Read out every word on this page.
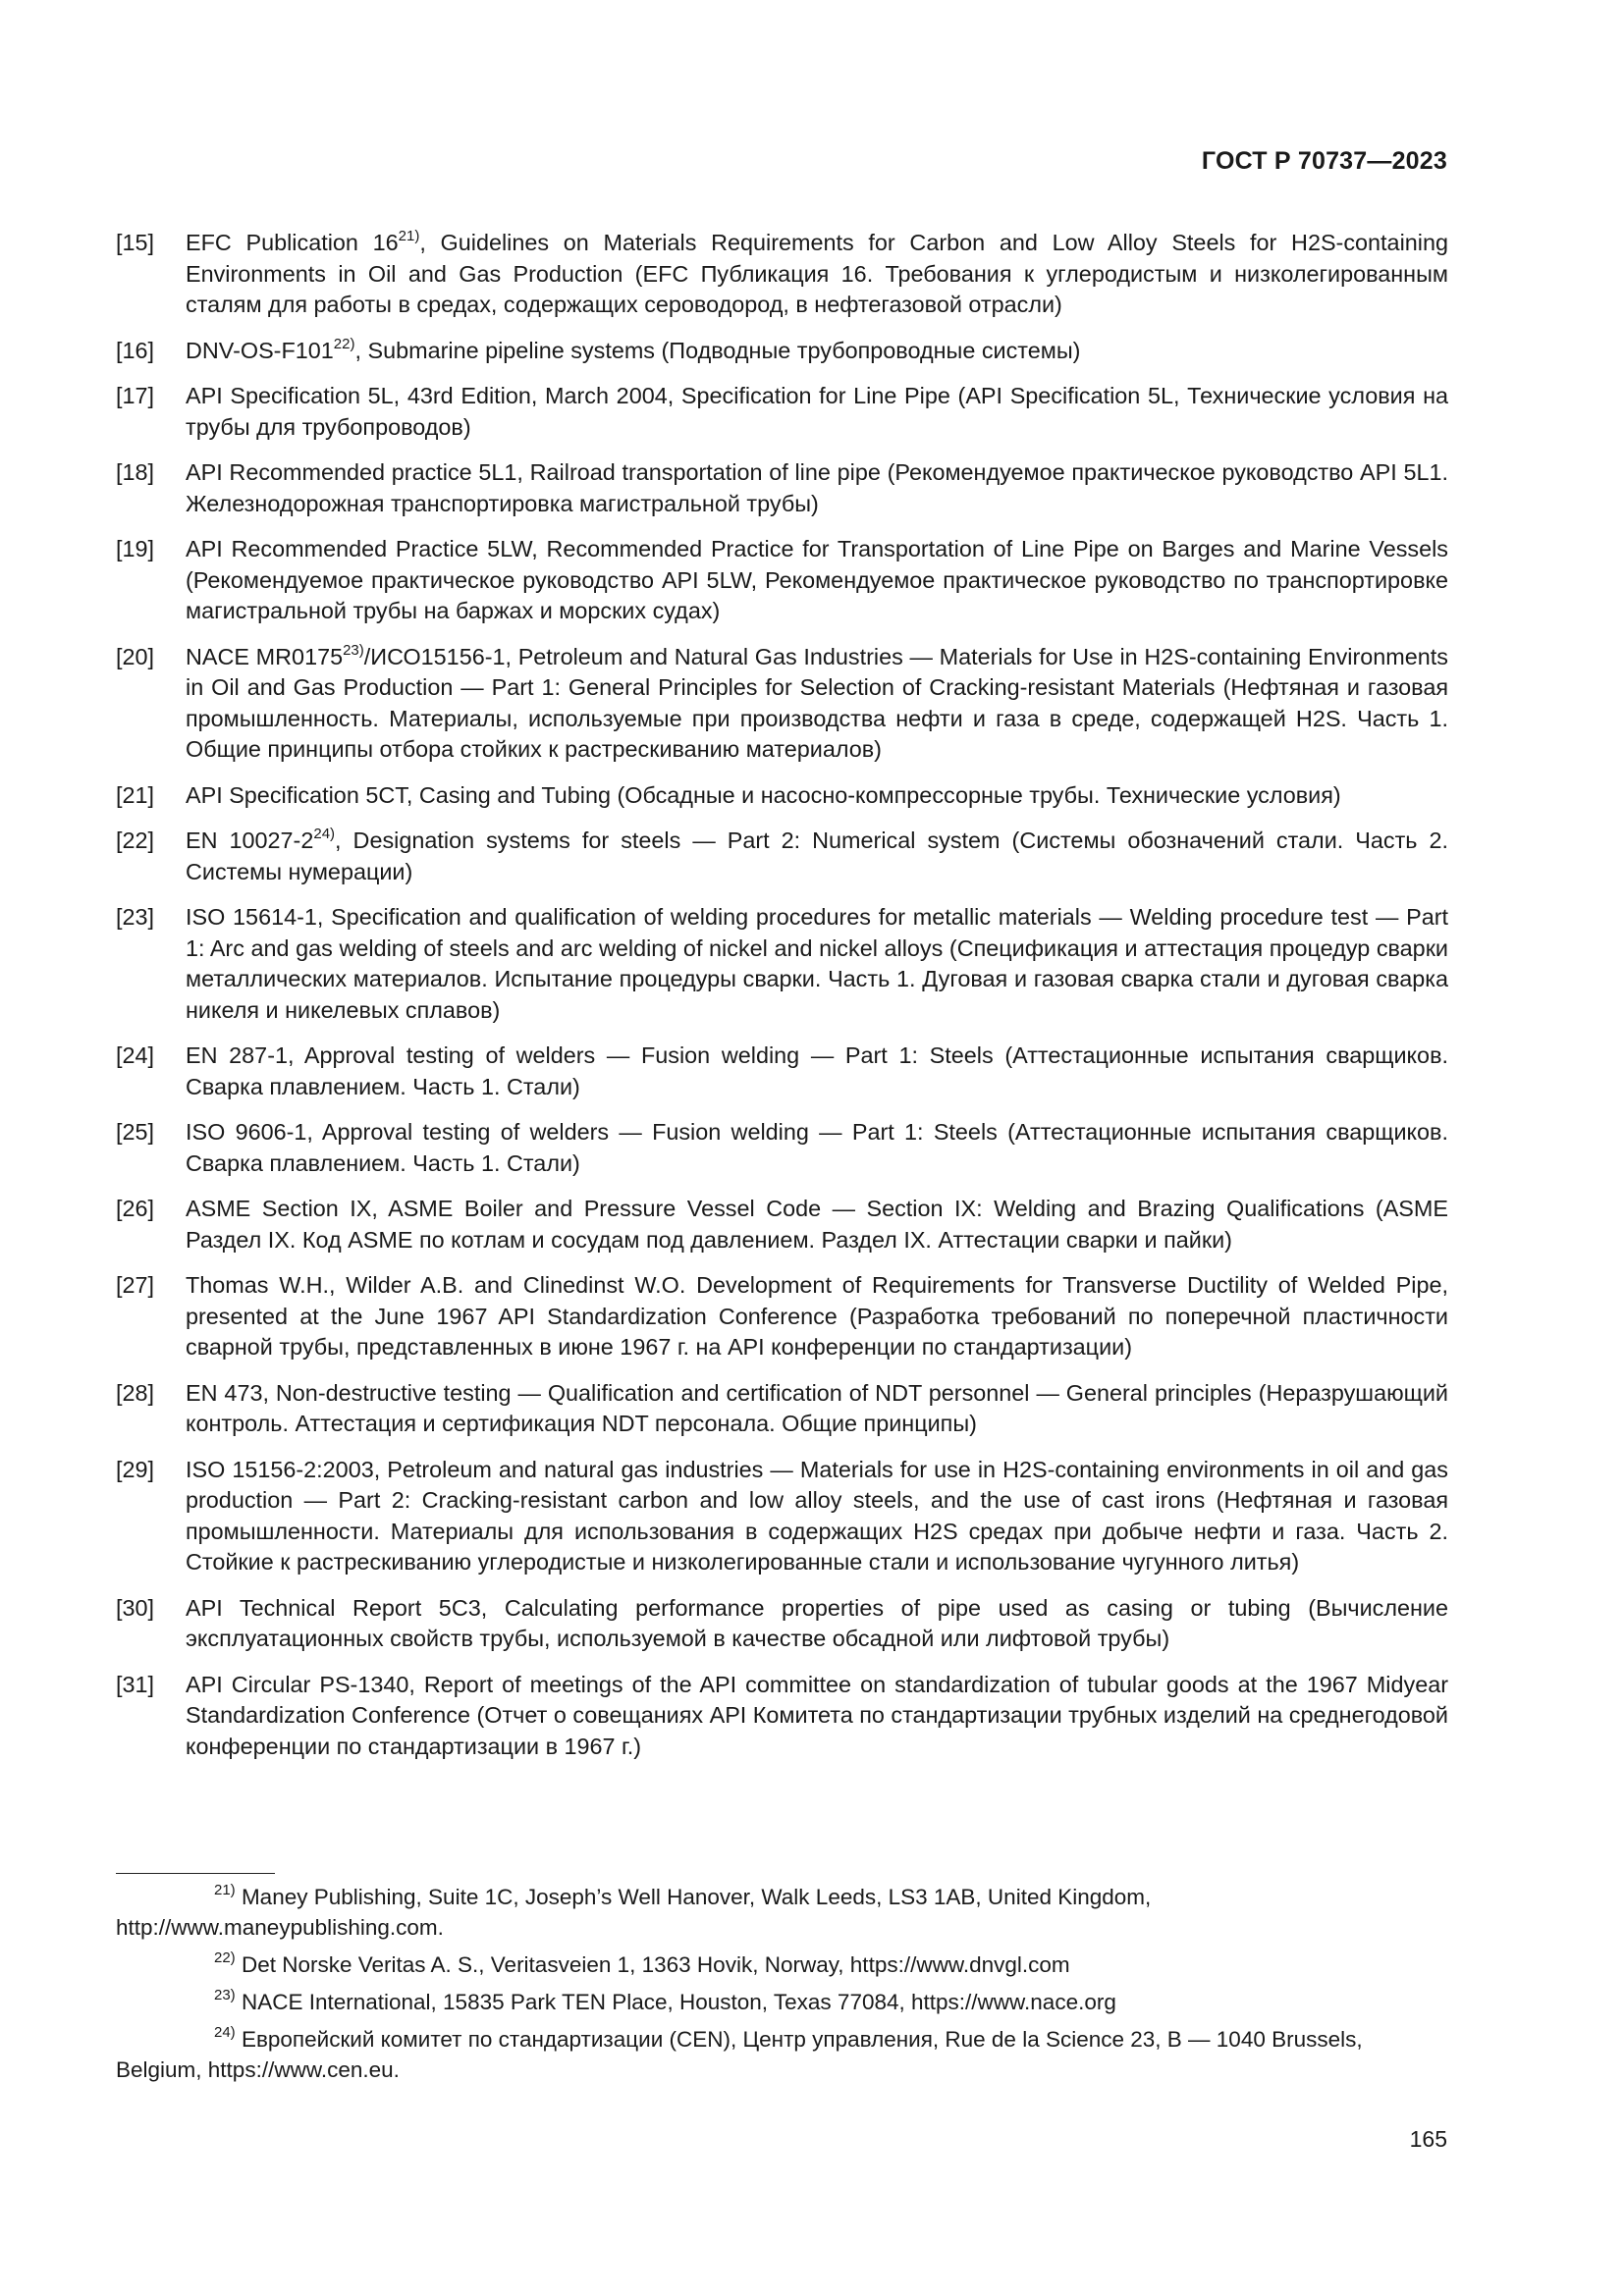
ГОСТ Р 70737—2023
[15]	EFC Publication 16$^{21)}$, Guidelines on Materials Requirements for Carbon and Low Alloy Steels for H2S-containing Environments in Oil and Gas Production (EFC Публикация 16. Требования к углеродистым и низколегированным сталям для работы в средах, содержащих сероводород, в нефтегазовой отрасли)
[16]	DNV-OS-F101$^{22)}$, Submarine pipeline systems (Подводные трубопроводные системы)
[17]	API Specification 5L, 43rd Edition, March 2004, Specification for Line Pipe (API Specification 5L, Технические условия на трубы для трубопроводов)
[18]	API Recommended practice 5L1, Railroad transportation of line pipe (Рекомендуемое практическое руководство API 5L1. Железнодорожная транспортировка магистральной трубы)
[19]	API Recommended Practice 5LW, Recommended Practice for Transportation of Line Pipe on Barges and Marine Vessels (Рекомендуемое практическое руководство API 5LW, Рекомендуемое практическое руководство по транспортировке магистральной трубы на баржах и морских судах)
[20]	NACE MR0175$^{23)}$/ИСО15156-1, Petroleum and Natural Gas Industries — Materials for Use in H2S-containing Environments in Oil and Gas Production — Part 1: General Principles for Selection of Cracking-resistant Materials (Нефтяная и газовая промышленность. Материалы, используемые при производства нефти и газа в среде, содержащей H2S. Часть 1. Общие принципы отбора стойких к растрескиванию материалов)
[21]	API Specification 5CT, Casing and Tubing (Обсадные и насосно-компрессорные трубы. Технические условия)
[22]	EN 10027-2$^{24)}$, Designation systems for steels — Part 2: Numerical system (Системы обозначений стали. Часть 2. Системы нумерации)
[23]	ISO 15614-1, Specification and qualification of welding procedures for metallic materials — Welding procedure test — Part 1: Arc and gas welding of steels and arc welding of nickel and nickel alloys (Спецификация и аттестация процедур сварки металлических материалов. Испытание процедуры сварки. Часть 1. Дуговая и газовая сварка стали и дуговая сварка никеля и никелевых сплавов)
[24]	EN 287-1, Approval testing of welders — Fusion welding — Part 1: Steels (Аттестационные испытания сварщиков. Сварка плавлением. Часть 1. Стали)
[25]	ISO 9606-1, Approval testing of welders — Fusion welding — Part 1: Steels (Аттестационные испытания сварщиков. Сварка плавлением. Часть 1. Стали)
[26]	ASME Section IX, ASME Boiler and Pressure Vessel Code — Section IX: Welding and Brazing Qualifications (ASME Раздел IX. Код ASME по котлам и сосудам под давлением. Раздел IX. Аттестации сварки и пайки)
[27]	Thomas W.H., Wilder A.B. and Clinedinst W.O. Development of Requirements for Transverse Ductility of Welded Pipe, presented at the June 1967 API Standardization Conference (Разработка требований по поперечной пластичности сварной трубы, представленных в июне 1967 г. на API конференции по стандартизации)
[28]	EN 473, Non-destructive testing — Qualification and certification of NDT personnel — General principles (Неразрушающий контроль. Аттестация и сертификация NDT персонала. Общие принципы)
[29]	ISO 15156-2:2003, Petroleum and natural gas industries — Materials for use in H2S-containing environments in oil and gas production — Part 2: Cracking-resistant carbon and low alloy steels, and the use of cast irons (Нефтяная и газовая промышленности. Материалы для использования в содержащих H2S средах при добыче нефти и газа. Часть 2. Стойкие к растрескиванию углеродистые и низколегированные стали и использование чугунного литья)
[30]	API Technical Report 5C3, Calculating performance properties of pipe used as casing or tubing (Вычисление эксплуатационных свойств трубы, используемой в качестве обсадной или лифтовой трубы)
[31]	API Circular PS-1340, Report of meetings of the API committee on standardization of tubular goods at the 1967 Midyear Standardization Conference (Отчет о совещаниях API Комитета по стандартизации трубных изделий на среднегодовой конференции по стандартизации в 1967 г.)
$^{21)}$ Maney Publishing, Suite 1C, Joseph’s Well Hanover, Walk Leeds, LS3 1AB, United Kingdom, http://www.maneypublishing.com.
$^{22)}$ Det Norske Veritas A. S., Veritasveien 1, 1363 Hovik, Norway, https://www.dnvgl.com
$^{23)}$ NACE International, 15835 Park TEN Place, Houston, Texas 77084, https://www.nace.org
$^{24)}$ Европейский комитет по стандартизации (CEN), Центр управления, Rue de la Science 23, B — 1040 Brussels, Belgium, https://www.cen.eu.
165
